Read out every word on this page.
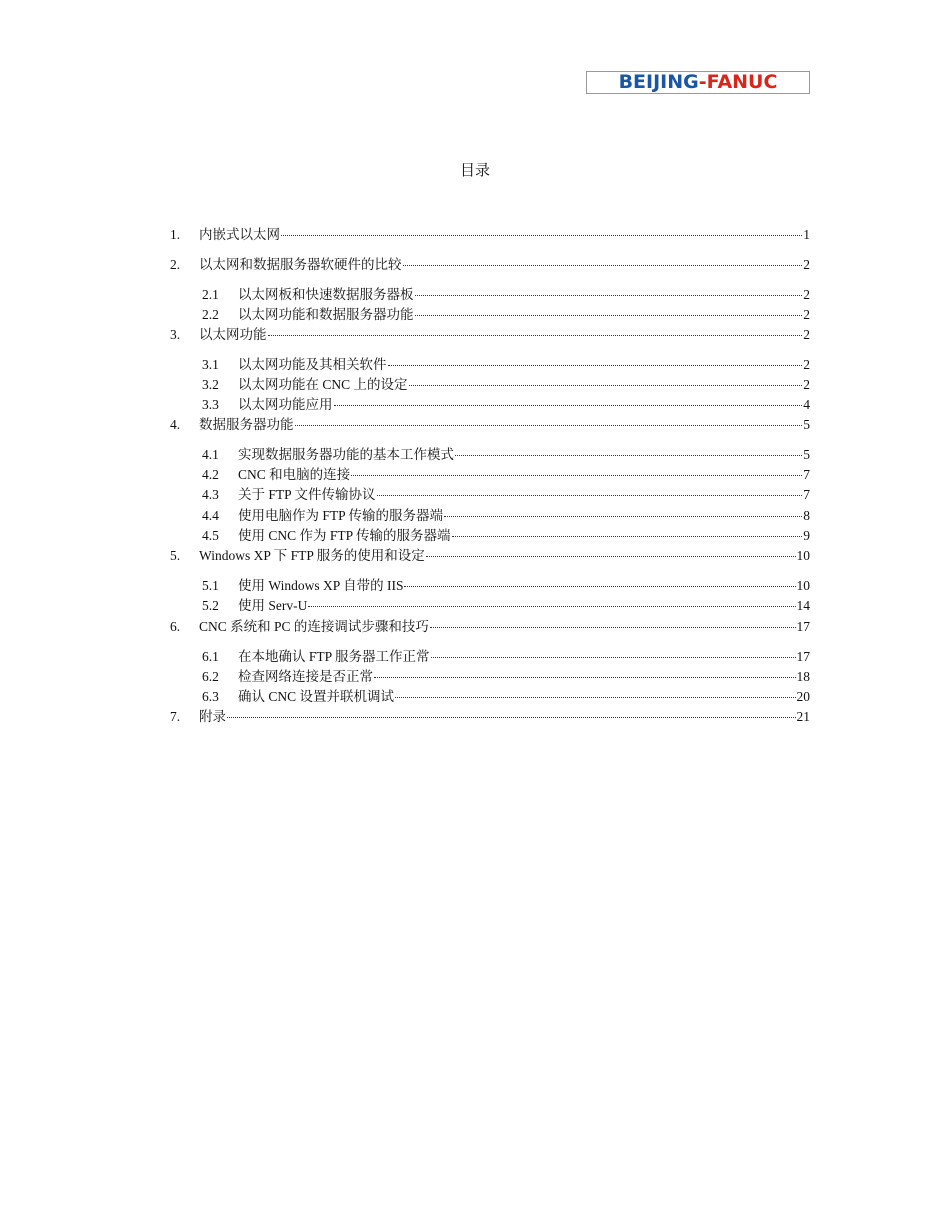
BEIJING - FANUC
目录
1.	内嵌式以太网	1
2.	以太网和数据服务器软硬件的比较	2
2.1	以太网板和快速数据服务器板	2
2.2	以太网功能和数据服务器功能	2
3.	以太网功能	2
3.1	以太网功能及其相关软件	2
3.2	以太网功能在 CNC 上的设定	2
3.3	以太网功能应用	4
4.	数据服务器功能	5
4.1	实现数据服务器功能的基本工作模式	5
4.2	CNC 和电脑的连接	7
4.3	关于 FTP 文件传输协议	7
4.4	使用电脑作为 FTP 传输的服务器端	8
4.5	使用 CNC 作为 FTP 传输的服务器端	9
5.	Windows XP 下 FTP 服务的使用和设定	10
5.1	使用 Windows XP 自带的 IIS	10
5.2	使用 Serv-U	14
6.	CNC 系统和 PC 的连接调试步骤和技巧	17
6.1	在本地确认 FTP 服务器工作正常	17
6.2	检查网络连接是否正常	18
6.3	确认 CNC 设置并联机调试	20
7.	附录	21
